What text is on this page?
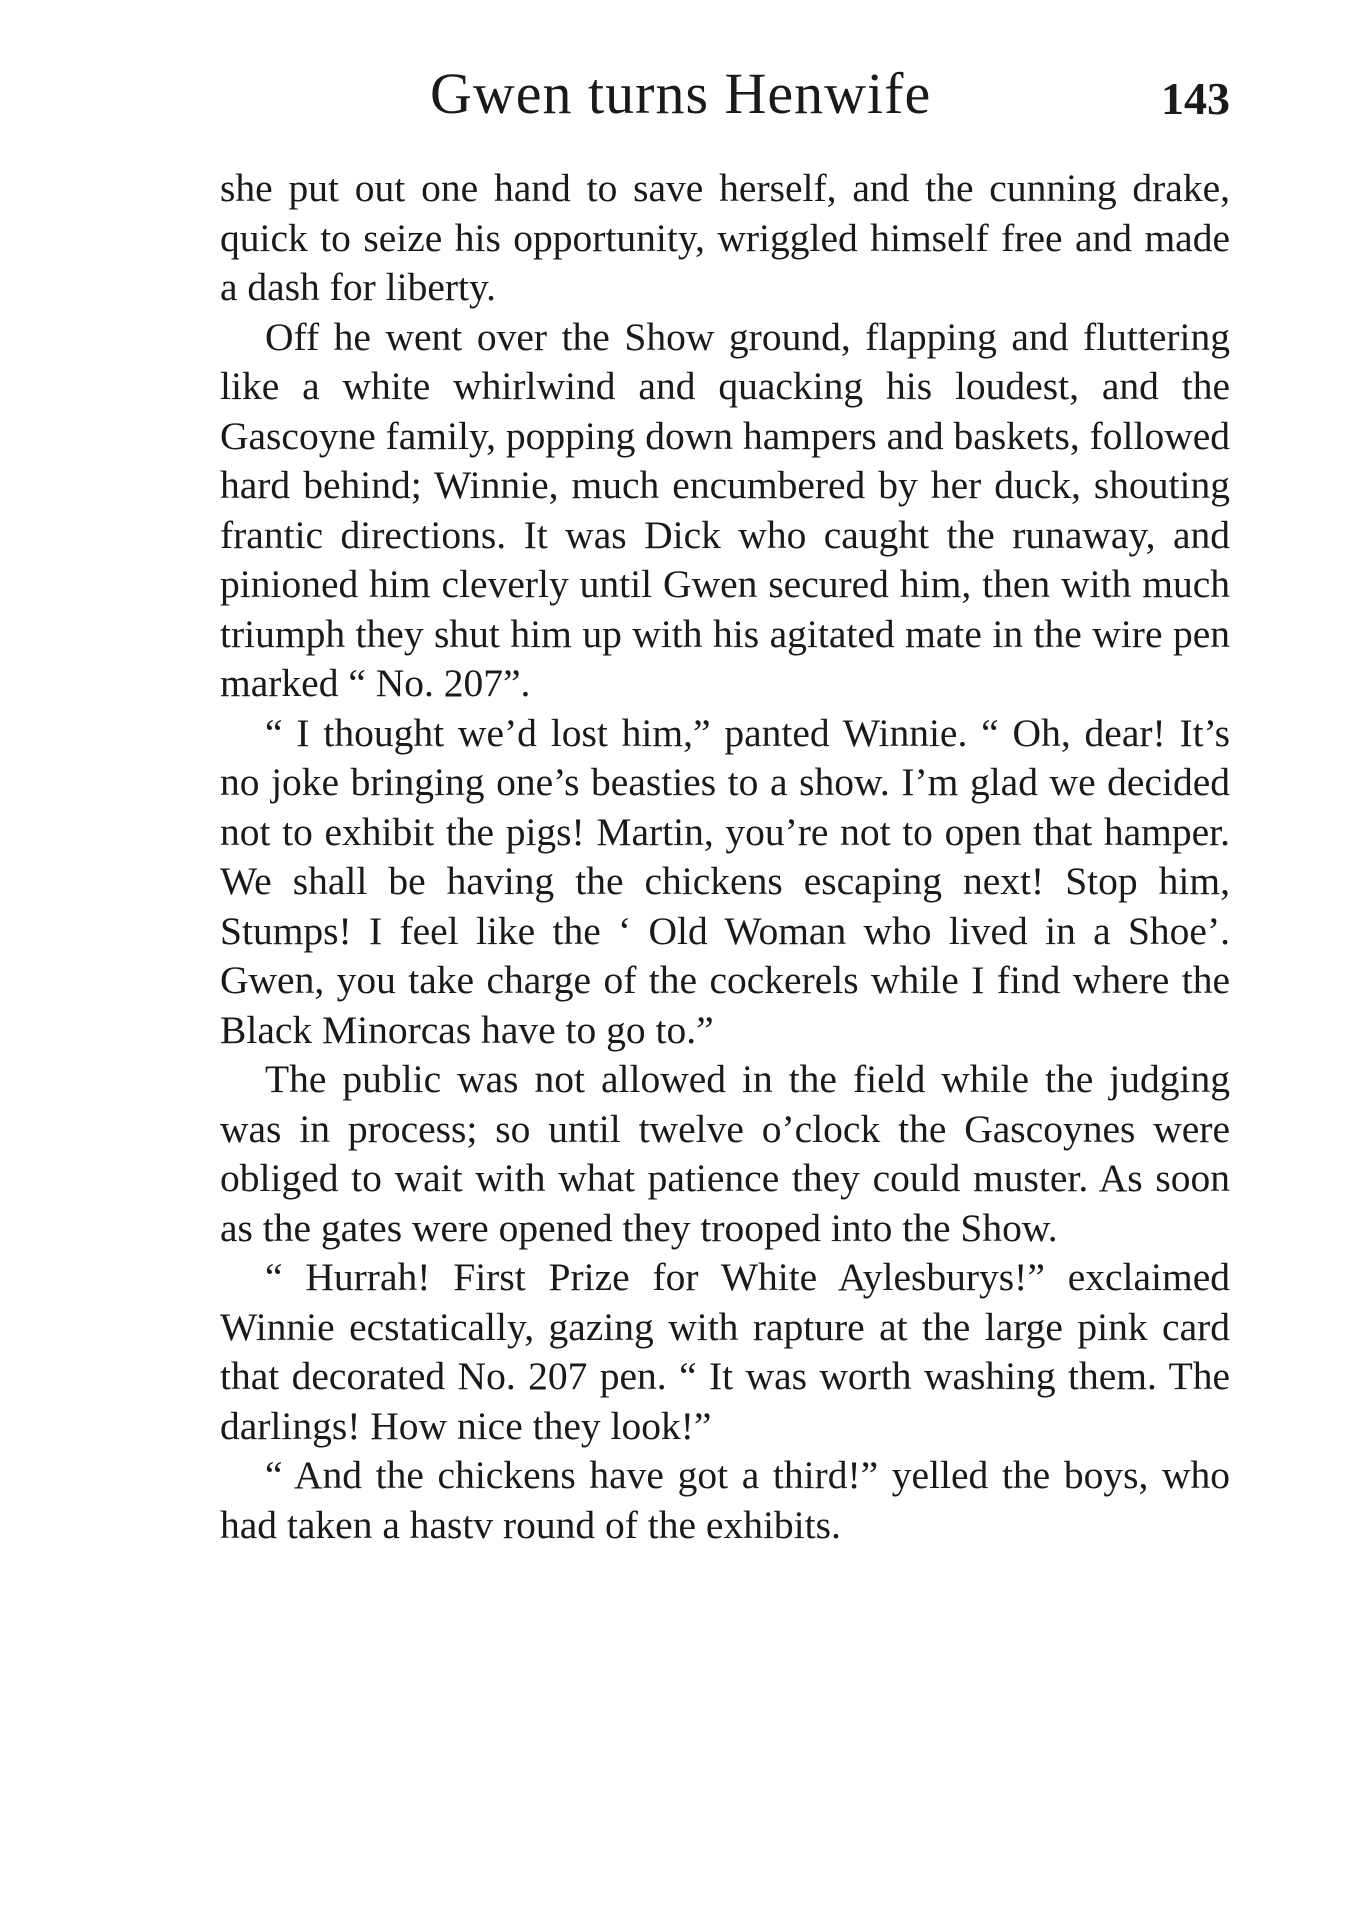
Gwen turns Henwife	143

she put out one hand to save herself, and the cunning drake, quick to seize his opportunity, wriggled himself free and made a dash for liberty.

Off he went over the Show ground, flapping and fluttering like a white whirlwind and quacking his loudest, and the Gascoyne family, popping down hampers and baskets, followed hard behind; Winnie, much encumbered by her duck, shouting frantic directions. It was Dick who caught the runaway, and pinioned him cleverly until Gwen secured him, then with much triumph they shut him up with his agitated mate in the wire pen marked “ No. 207”.

“ I thought we’d lost him,” panted Winnie. “ Oh, dear! It’s no joke bringing one’s beasties to a show. I’m glad we decided not to exhibit the pigs! Martin, you’re not to open that hamper. We shall be having the chickens escaping next! Stop him, Stumps! I feel like the ‘ Old Woman who lived in a Shoe’. Gwen, you take charge of the cockerels while I find where the Black Minorcas have to go to.”

The public was not allowed in the field while the judging was in process; so until twelve o’clock the Gascoynes were obliged to wait with what patience they could muster. As soon as the gates were opened they trooped into the Show.

“ Hurrah! First Prize for White Aylesburys!” exclaimed Winnie ecstatically, gazing with rapture at the large pink card that decorated No. 207 pen. “ It was worth washing them. The darlings! How nice they look!”

“ And the chickens have got a third!” yelled the boys, who had taken a hastv round of the exhibits.
